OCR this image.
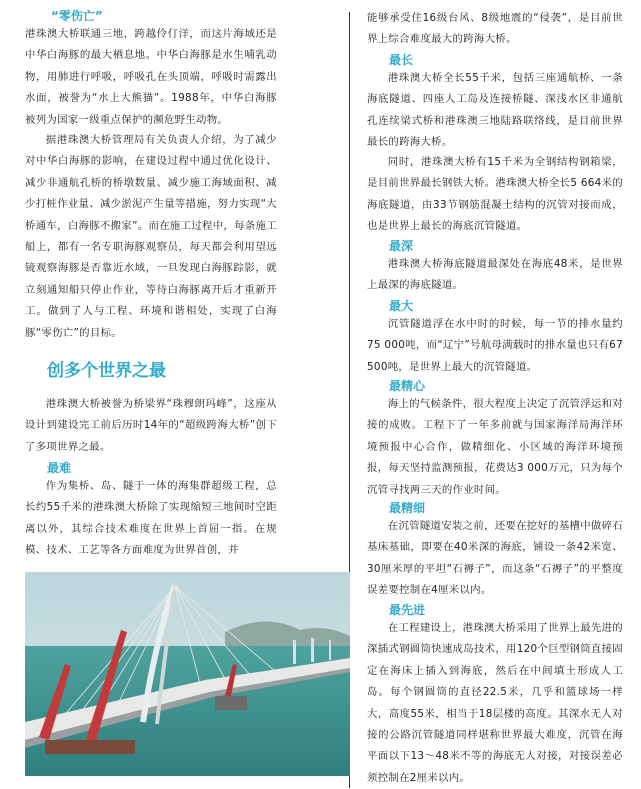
“零伤亡”

港珠澳大桥联通三地，跨越伶仃洋，而这片海域还是中华白海豚的最大栖息地。中华白海豚是水生哺乳动物，用肺进行呼吸，呼吸孔在头顶端，呼吸时需露出水面，被誉为“水上大熊猫”。1988年，中华白海豚被列为国家一级重点保护的濒危野生动物。

据港珠澳大桥管理局有关负责人介绍，为了减少对中华白海豚的影响，在建设过程中通过优化设计、减少非通航孔桥的桥墩数量、减少施工海域面积、减少打桩作业量、减少淤泥产生量等措施，努力实现“大桥通车，白海豚不搬家”。而在施工过程中，每条施工船上，都有一名专职海豚观察员，每天都会利用望远镜观察海豚是否靠近水域，一旦发现白海豚踪影，就立刻通知船只停止作业，等待白海豚离开后才重新开工。做到了人与工程、环境和谐相处，实现了白海豚“零伤亡”的目标。

创多个世界之最

港珠澳大桥被誉为桥梁界“珠穆朗玛峰”，这座从设计到建设完工前后历时14年的“超级跨海大桥”创下了多项世界之最。

最难

作为集桥、岛、隧于一体的海集群超级工程，总长约55千米的港珠澳大桥除了实现缩短三地间时空距离以外，其综合技术难度在世界上首屈一指。在规模、技术、工艺等各方面难度为世界首创，并

能够承受住16级台风、8级地震的“侵袭”，是目前世界上综合难度最大的跨海大桥。

最长

港珠澳大桥全长55千米，包括三座通航桥、一条海底隧道、四座人工岛及连接桥隧、深浅水区非通航孔连续梁式桥和港珠澳三地陆路联络线，是目前世界最长的跨海大桥。

同时，港珠澳大桥有15千米为全钢结构钢箱梁，是目前世界最长钢铁大桥。港珠澳大桥全长5 664米的海底隧道，由33节钢筋混凝土结构的沉管对接而成，也是世界上最长的海底沉管隧道。

最深

港珠澳大桥海底隧道最深处在海底48米，是世界上最深的海底隧道。

最大

沉管隧道浮在水中时的时候，每一节的排水量约75 000吨，而“辽宁”号航母满载时的排水量也只有67 500吨，是世界上最大的沉管隧道。

最精心

海上的气候条件，很大程度上决定了沉管浮运和对接的成败。工程下了一年多前就与国家海洋局海洋环境预报中心合作，做精细化、小区域的海洋环境预报，每天坚持监测预报，花费达3 000万元，只为每个沉管寻找两三天的作业时间。

最精细

在沉管隧道安装之前，还要在挖好的基槽中做碎石基床基础，即要在40米深的海底，铺设一条42米宽、30厘米厚的平坦“石褥子”，而这条“石褥子”的平整度误差要控制在4厘米以内。

最先进

在工程建设上，港珠澳大桥采用了世界上最先进的深插式钢圆筒快速成岛技术，用120个巨型钢筒直接固定在海床上插入到海底，然后在中间填土形成人工岛。每个钢圆筒的直径22.5米，几乎和篮球场一样大，高度55米，相当于18层楼的高度。其深水无人对接的公路沉管隧道同样堪称世界最大难度，沉管在海平面以下13～48米不等的海底无人对接，对接误差必须控制在2厘米以内。
